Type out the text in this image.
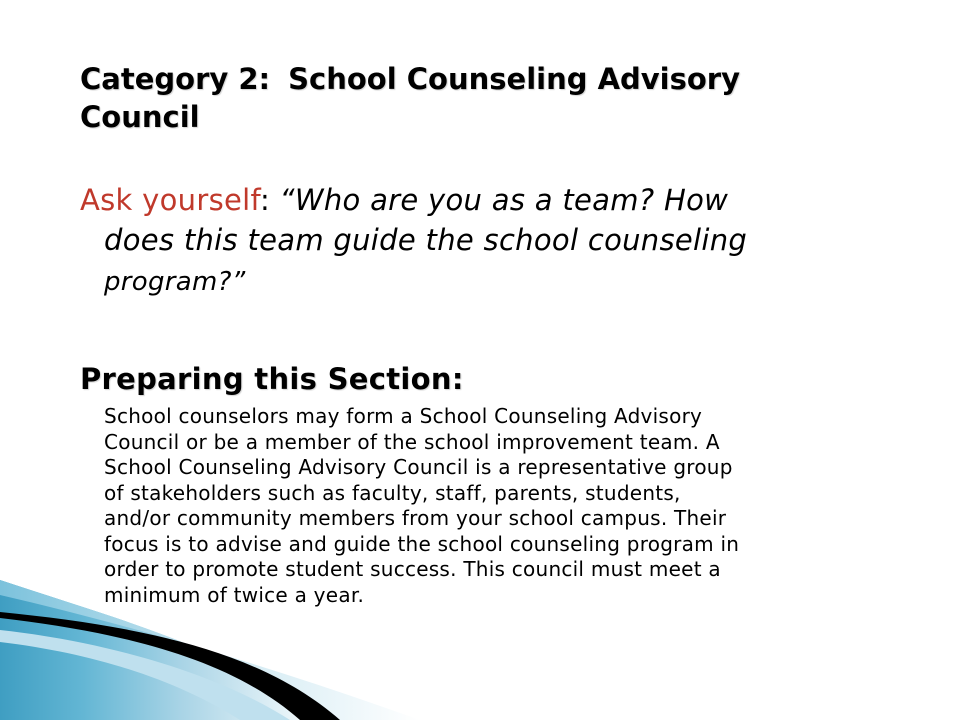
Category 2: School Counseling Advisory
Council
Ask yourself: “Who are you as a team? How
does this team guide the school counseling
program?”
Preparing this Section:

School counselors may form a School Counseling Advisory
Council or be a member of the school improvement team. A
School Counseling Advisory Council is a representative group
of stakeholders such as faculty, staff, parents, students,
and/or community members from your school campus. Their
focus is to advise and guide the school counseling program in
order to promote student success. This council must meet a
minimum of twice a year.
